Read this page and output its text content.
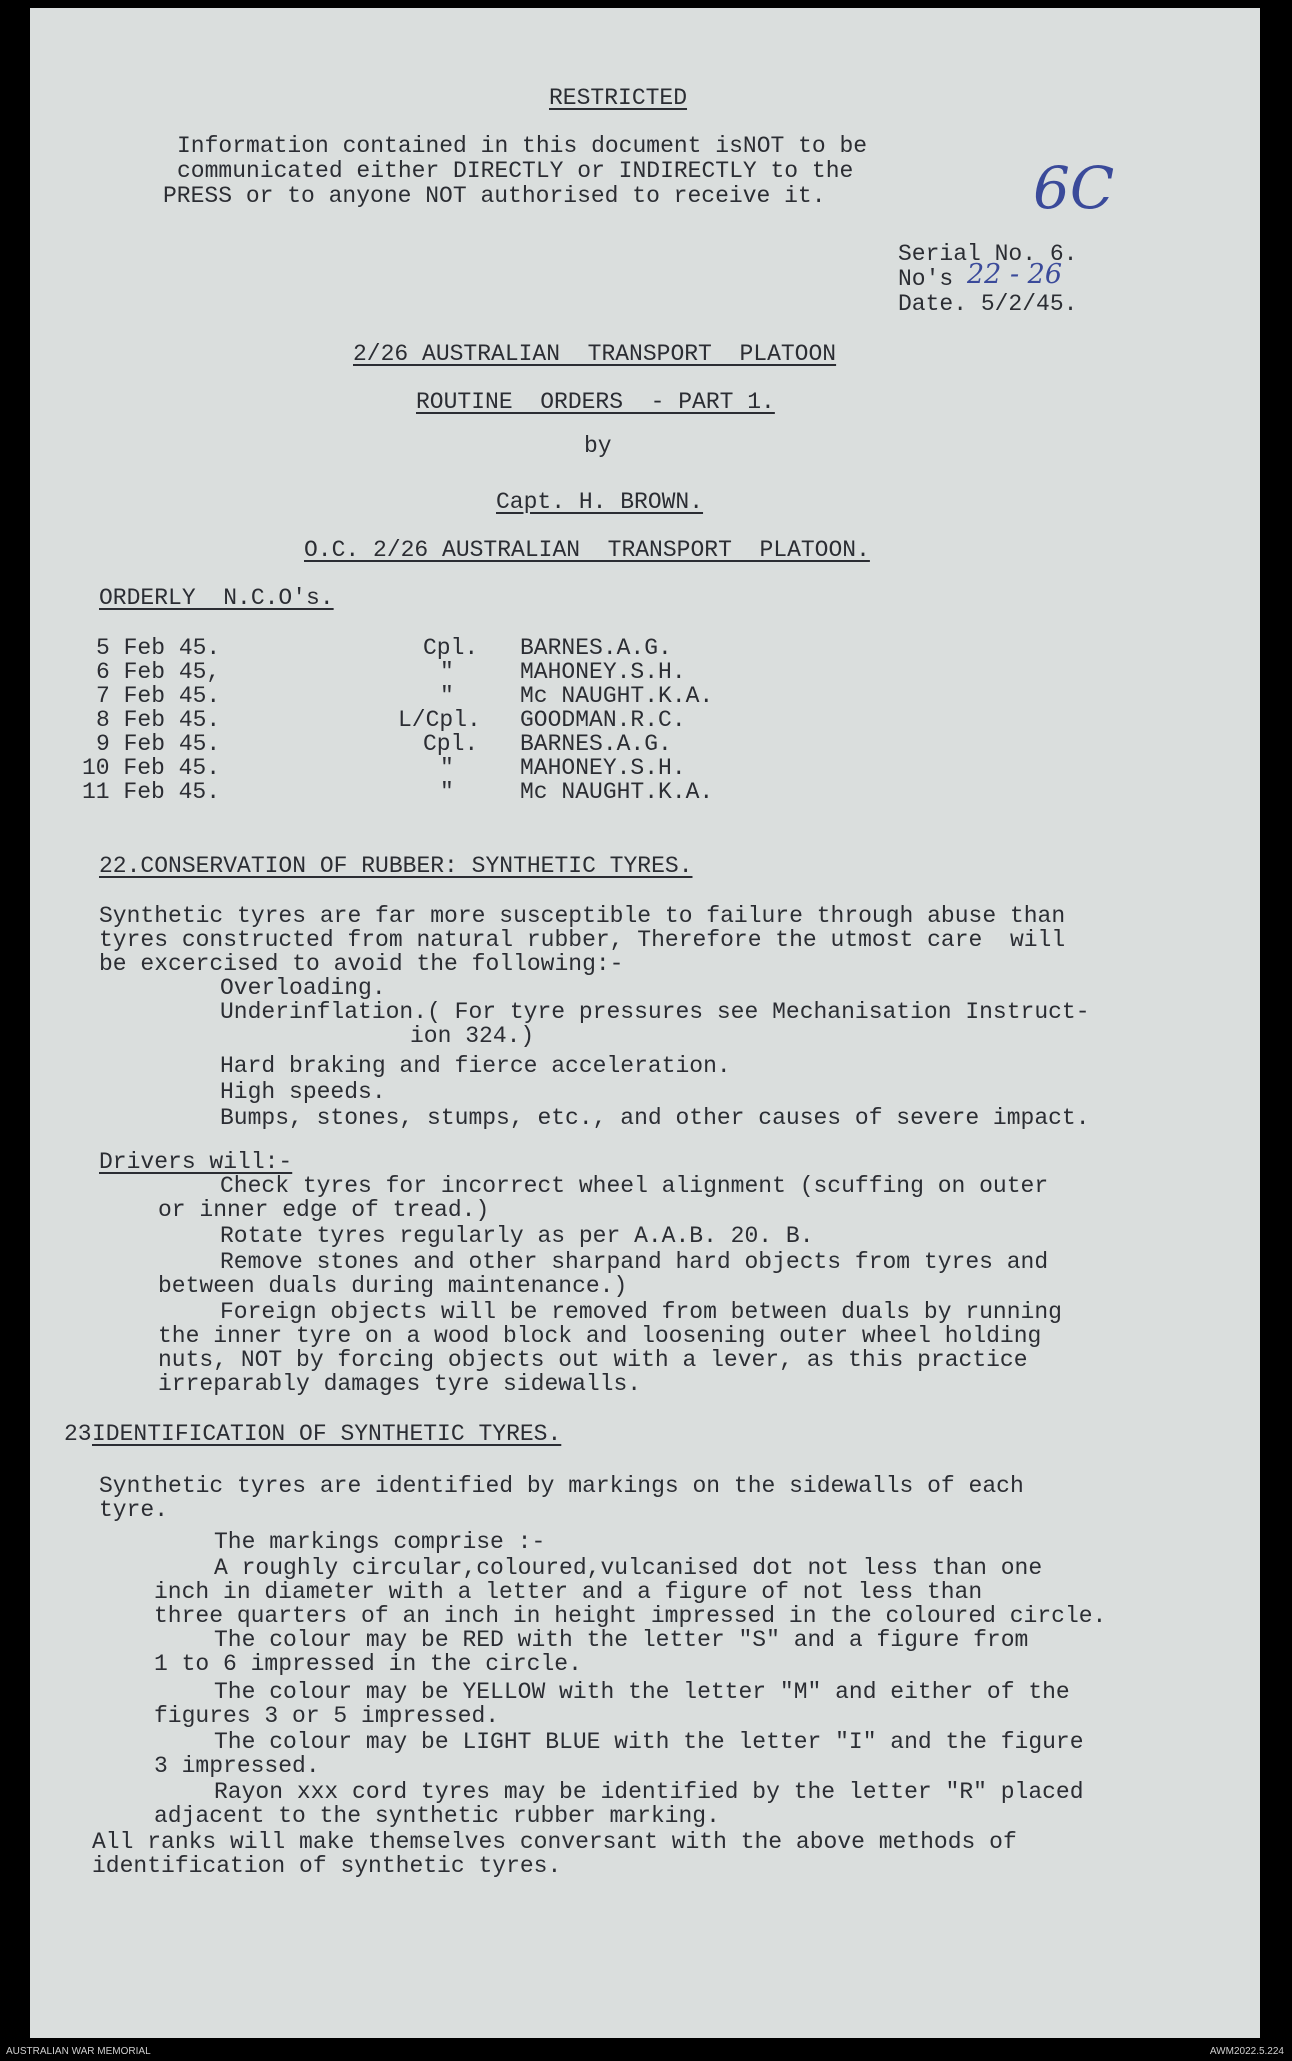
RESTRICTED
Information contained in this document isNOT to be
communicated either DIRECTLY or INDIRECTLY to the
PRESS or to anyone NOT authorised to receive it.	6C
Serial No. 6.
No's 22 - 26
Date. 5/2/45.
2/26 AUSTRALIAN  TRANSPORT  PLATOON
ROUTINE  ORDERS  - PART 1.
by
Capt. H. BROWN.
O.C. 2/26 AUSTRALIAN  TRANSPORT  PLATOON.
ORDERLY  N.C.O's.
5 Feb 45.	Cpl. BARNES.A.G.
6 Feb 45,	"	MAHONEY.S.H.
7 Feb 45.	"	Mc NAUGHT.K.A.
8 Feb 45.	L/Cpl. GOODMAN.R.C.
9 Feb 45.	Cpl. BARNES.A.G.
10 Feb 45.	"	MAHONEY.S.H.
11 Feb 45.	"	Mc NAUGHT.K.A.
22.CONSERVATION OF RUBBER: SYNTHETIC TYRES.
Synthetic tyres are far more susceptible to failure through abuse than
tyres constructed from natural rubber, Therefore the utmost care  will
be excercised to avoid the following:-
Overloading.
Underinflation.( For tyre pressures see Mechanisation Instruct-
ion 324.)
Hard braking and fierce acceleration.
High speeds.
Bumps, stones, stumps, etc., and other causes of severe impact.
Drivers will:-
Check tyres for incorrect wheel alignment (scuffing on outer
or inner edge of tread.)
Rotate tyres regularly as per A.A.B. 20. B.
Remove stones and other sharpand hard objects from tyres and
between duals during maintenance.)
Foreign objects will be removed from between duals by running
the inner tyre on a wood block and loosening outer wheel holding
nuts, NOT by forcing objects out with a lever, as this practice
irreparably damages tyre sidewalls.
23 IDENTIFICATION OF SYNTHETIC TYRES.
Synthetic tyres are identified by markings on the sidewalls of each
tyre.
The markings comprise :-
A roughly circular,coloured,vulcanised dot not less than one
inch in diameter with a letter and a figure of not less than
three quarters of an inch in height impressed in the coloured circle.
The colour may be RED with the letter "S" and a figure from
1 to 6 impressed in the circle.
The colour may be YELLOW with the letter "M" and either of the
figures 3 or 5 impressed.
The colour may be LIGHT BLUE with the letter "I" and the figure
3 impressed.
Rayon xxx cord tyres may be identified by the letter "R" placed
adjacent to the synthetic rubber marking.
All ranks will make themselves conversant with the above methods of
identification of synthetic tyres.
AUSTRALIAN WAR MEMORIAL	AWM2022.5.224
